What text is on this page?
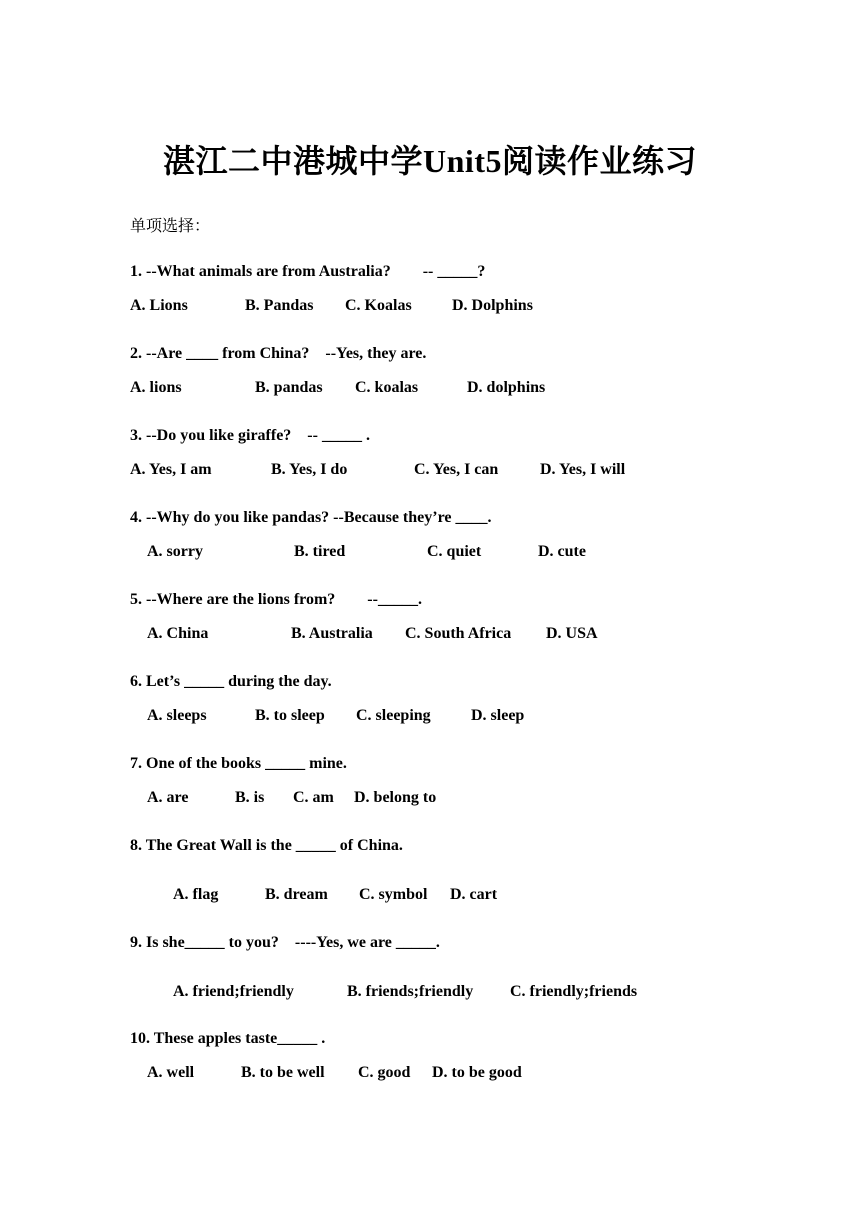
湛江二中港城中学Unit5阅读作业练习
单项选择：
1. --What animals are from Australia?        -- _____?

A. Lions

	B. Pandas

C. Koalas

	D. Dolphins

2. --Are ____ from China?    --Yes, they are.

A. lions

	B. pandas

C. koalas

	D. dolphins

3. --Do you like giraffe?    -- _____ .

A. Yes, I am

	B. Yes, I do

	C. Yes, I can

	D. Yes, I will

4. --Why do you like pandas? --Because they’re ____.

A. sorry

	B. tired

	C. quiet

	D. cute

5. --Where are the lions from?        --_____.

A. China

	B. Australia

C. South Africa

D. USA

6. Let’s _____ during the day.

A. sleeps

	B. to sleep

C. sleeping

	D. sleep

7. One of the books _____ mine.

A. are

	B. is

C. am

D. belong to

8. The Great Wall is the _____ of China.

A. flag

	B. dream

C. symbol

D. cart

9. Is she_____ to you?    ----Yes, we are _____.

A. friend;friendly

	B. friends;friendly

C. friendly;friends

10. These apples taste_____ .

A. well

	B. to be well

C. good

D. to be good
